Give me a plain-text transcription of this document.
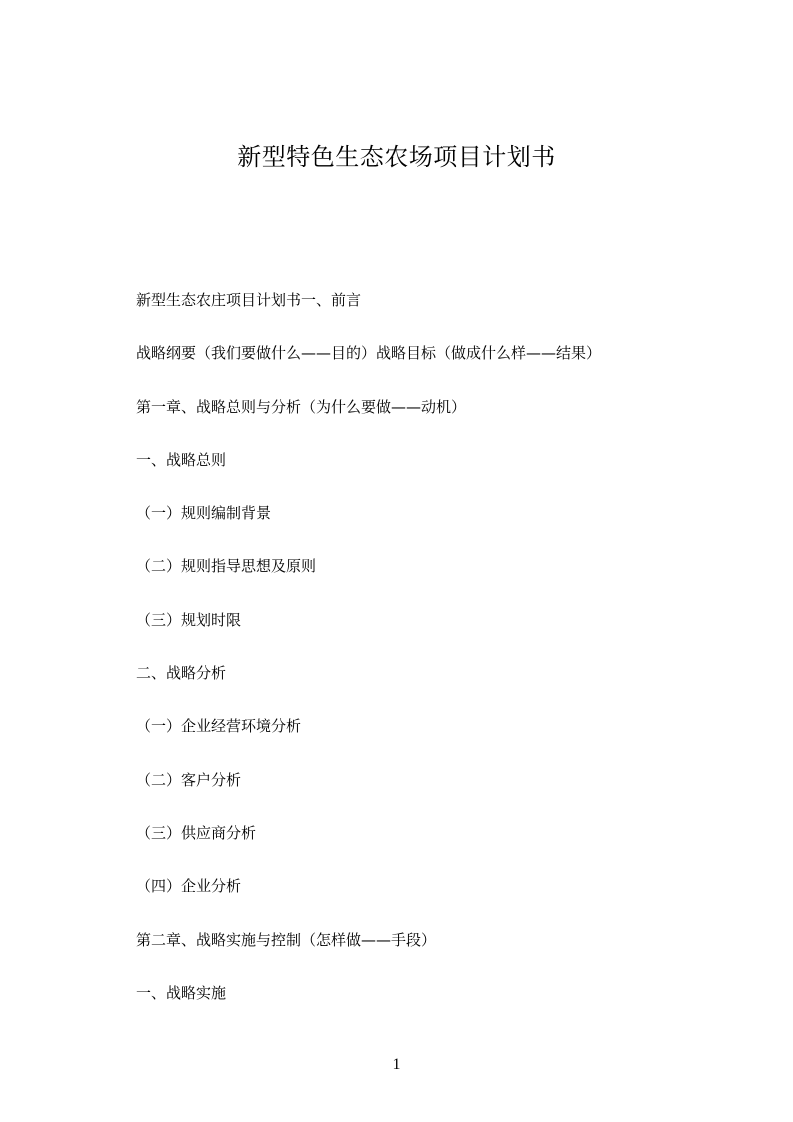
新型特色生态农场项目计划书
新型生态农庄项目计划书一、前言
战略纲要（我们要做什么——目的）战略目标（做成什么样——结果）
第一章、战略总则与分析（为什么要做——动机）
一、战略总则
（一）规则编制背景
（二）规则指导思想及原则
（三）规划时限
二、战略分析
（一）企业经营环境分析
（二）客户分析
（三）供应商分析
（四）企业分析
第二章、战略实施与控制（怎样做——手段）
一、战略实施
1
